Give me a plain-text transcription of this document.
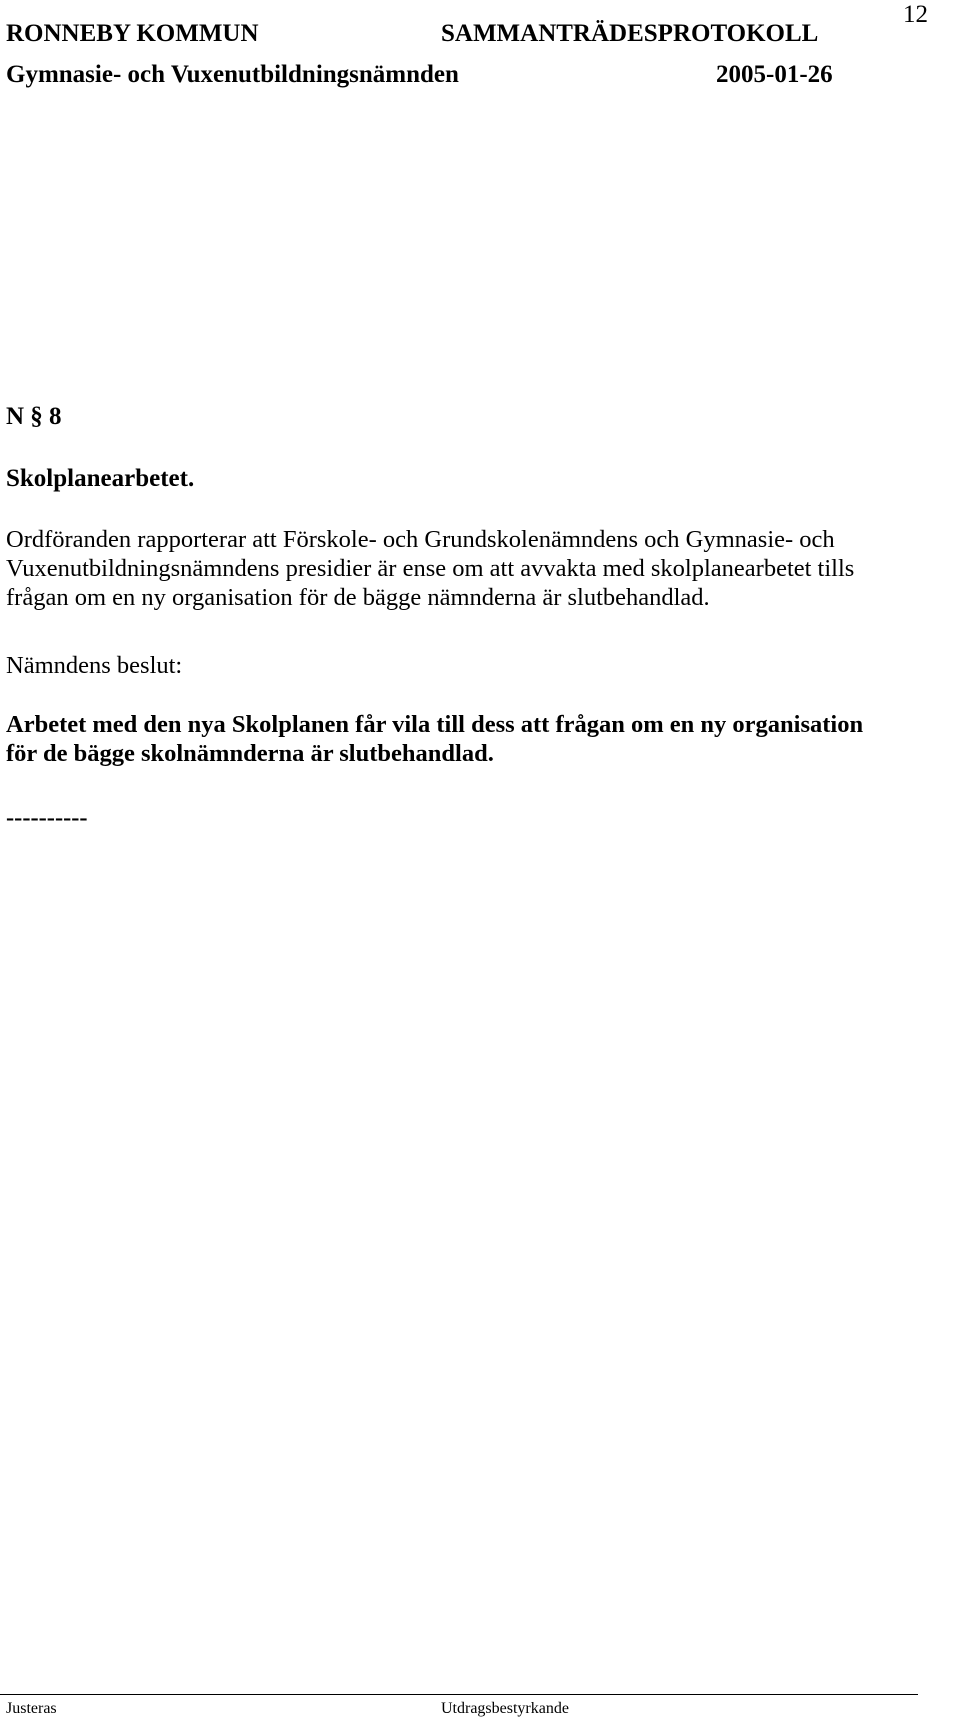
RONNEBY KOMMUN	SAMMANTRÄDESPROTOKOLL
12
Gymnasie- och Vuxenutbildningsnämnden	2005-01-26
N § 8
Skolplanearbetet.
Ordföranden rapporterar att Förskole- och Grundskolenämndens och Gymnasie- och
Vuxenutbildningsnämndens presidier är ense om att avvakta med skolplanearbetet tills
frågan om en ny organisation för de bägge nämnderna är slutbehandlad.
Nämndens beslut:
Arbetet med den nya Skolplanen får vila till dess att frågan om en ny organisation
för de bägge skolnämnderna är slutbehandlad.
----------
Justeras	Utdragsbestyrkande
